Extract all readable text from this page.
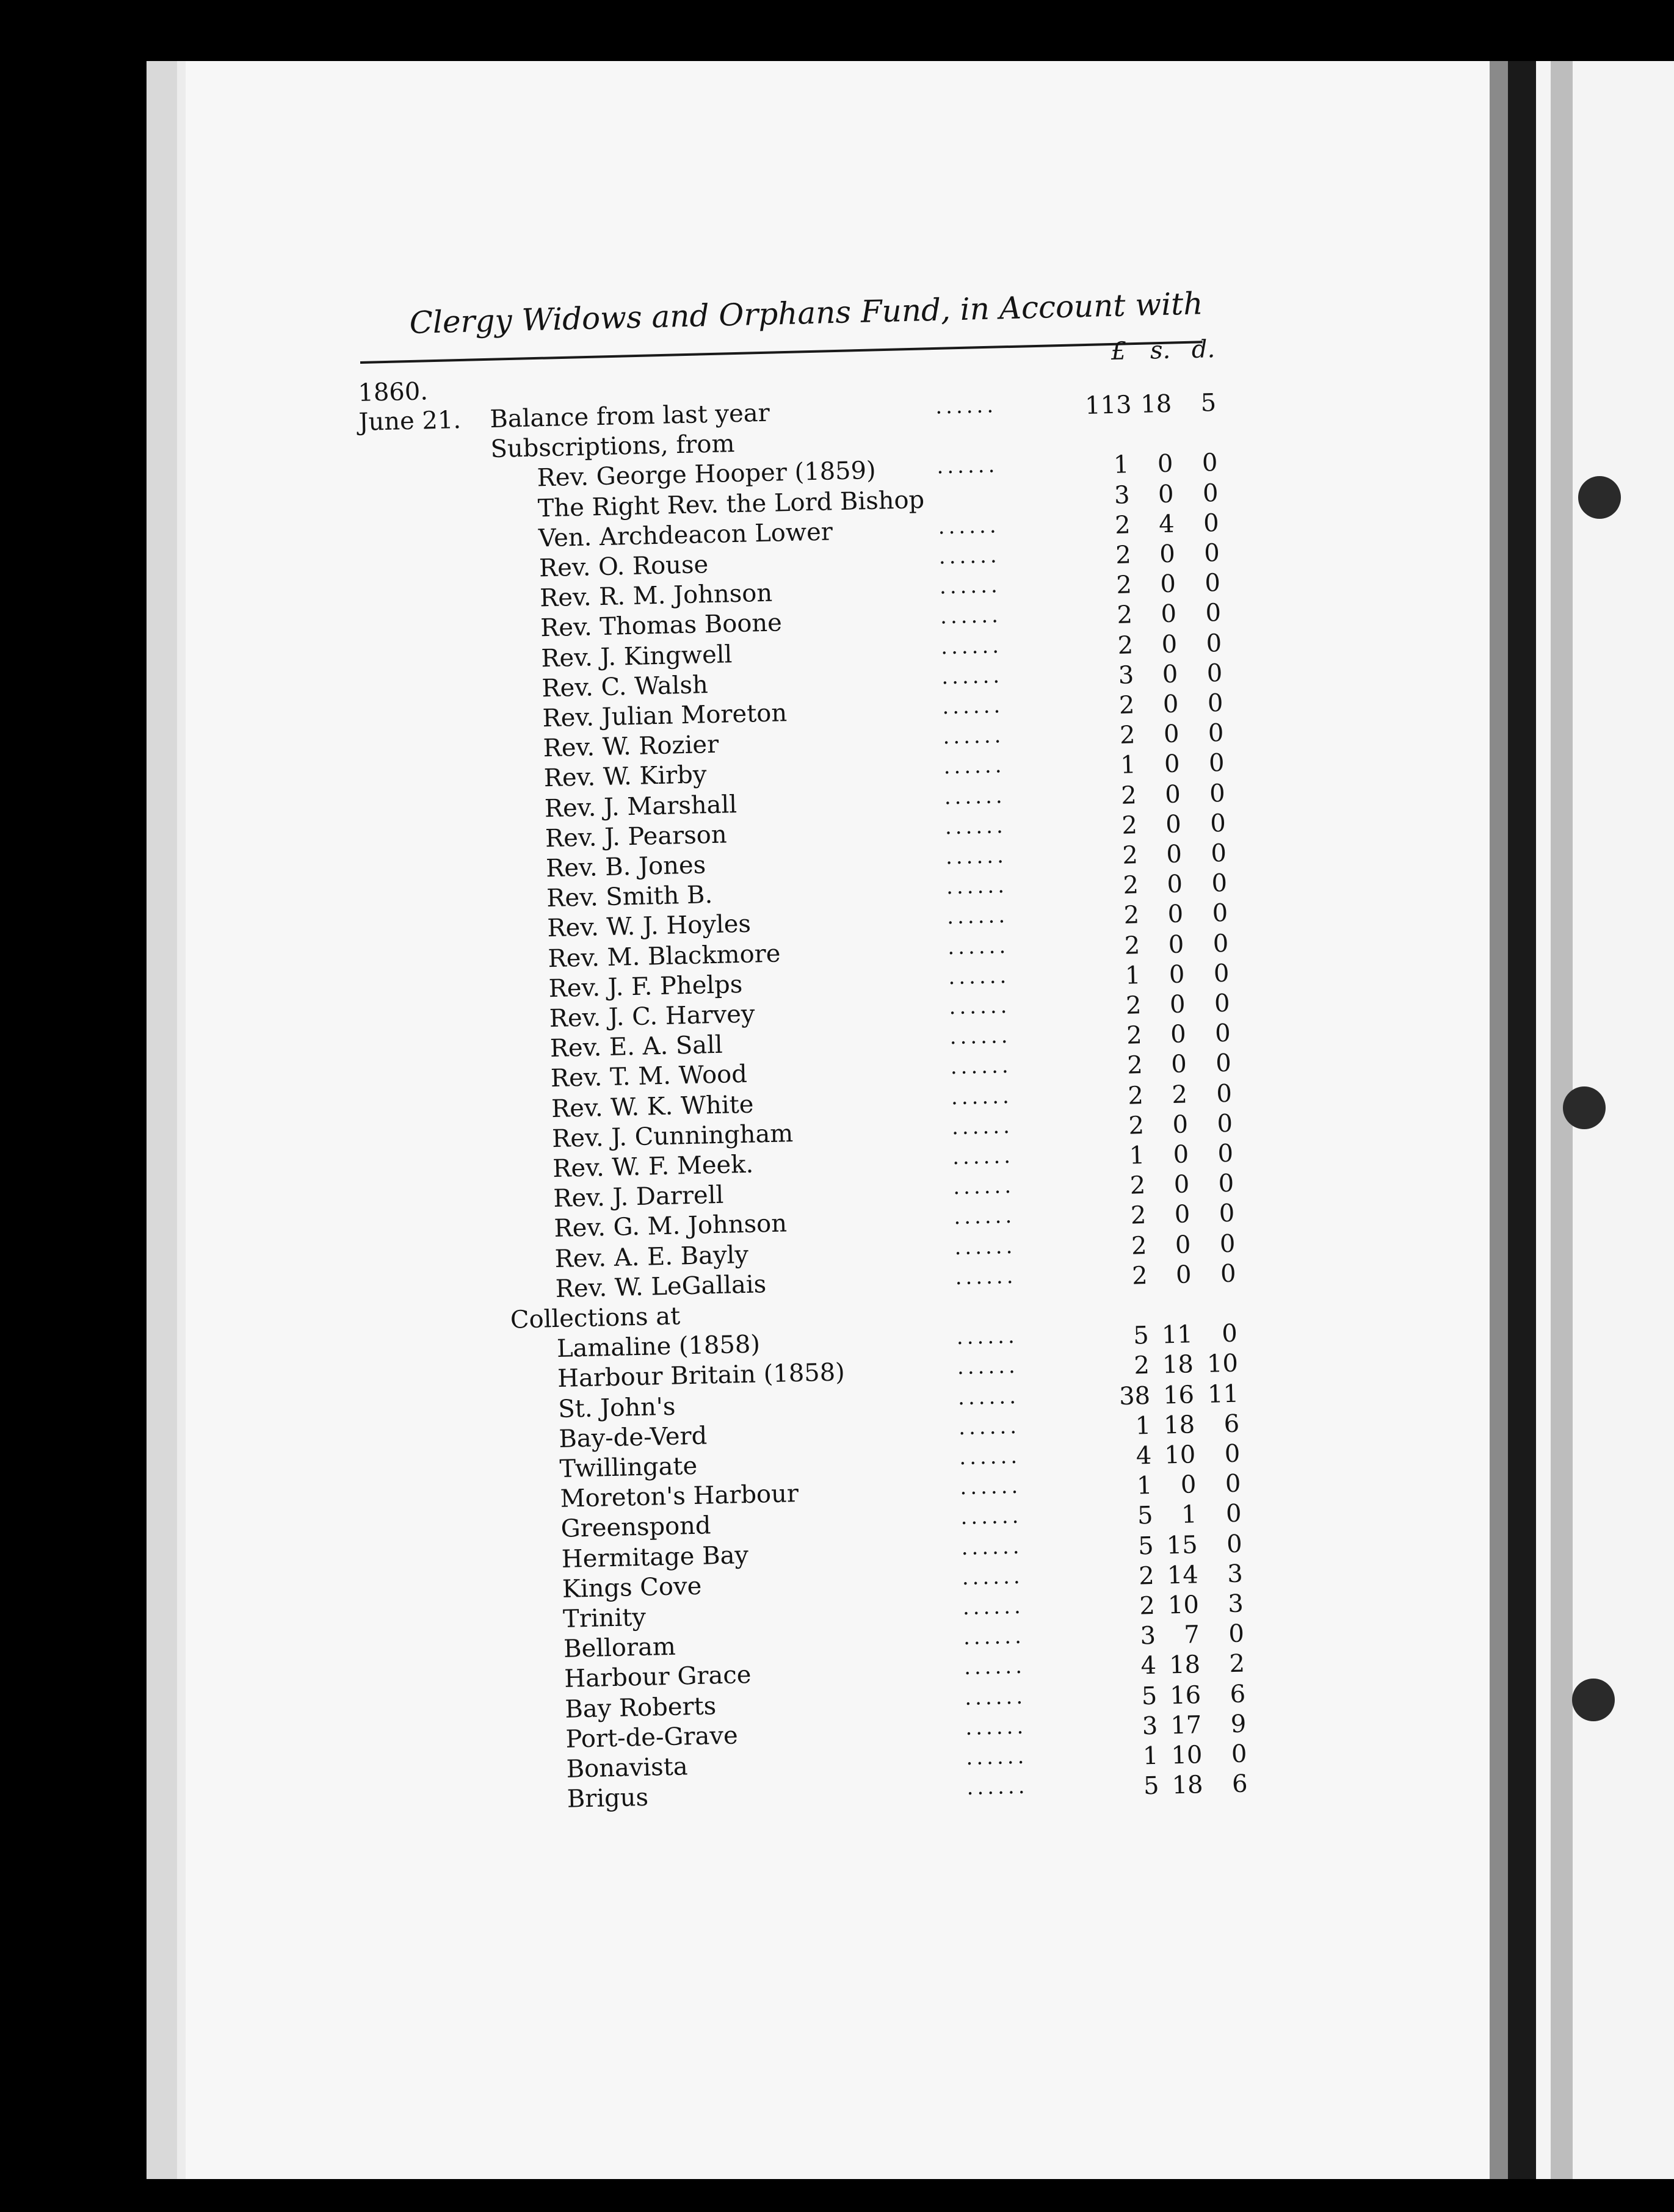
Clergy Widows and Orphans Fund, in Account with
£ s. d.
1860.
June 21. Balance from last year	......	113 18	5
Subscriptions, from
Rev. George Hooper (1859)	......	1	0	0
The Right Rev. the Lord Bishop	3	0	0
Ven. Archdeacon Lower	......	2	4	0
Rev. O. Rouse	......	2	0	0
Rev. R. M. Johnson	......	2	0	0
Rev. Thomas Boone	......	2	0	0
Rev. J. Kingwell	......	2	0	0
Rev. C. Walsh	......	3	0	0
Rev. Julian Moreton	......	2	0	0
Rev. W. Rozier	......	2	0	0
Rev. W. Kirby	......	1	0	0
Rev. J. Marshall	......	2	0	0
Rev. J. Pearson	......	2	0	0
Rev. B. Jones	......	2	0	0
Rev. Smith B.	......	2	0	0
Rev. W. J. Hoyles	......	2	0	0
Rev. M. Blackmore	......	2	0	0
Rev. J. F. Phelps	......	1	0	0
Rev. J. C. Harvey	......	2	0	0
Rev. E. A. Sall	......	2	0	0
Rev. T. M. Wood	......	2	0	0
Rev. W. K. White	......	2	2	0
Rev. J. Cunningham	......	2	0	0
Rev. W. F. Meek.	......	1	0	0
Rev. J. Darrell	......	2	0	0
Rev. G. M. Johnson	......	2	0	0
Rev. A. E. Bayly	......	2	0	0
Rev. W. LeGallais	......	2	0	0
Collections at
Lamaline (1858)	......	5 11	0
Harbour Britain (1858)	......	2 18 10
St. John's	......	38 16 11
Bay-de-Verd	......	1 18	6
Twillingate	......	4 10	0
Moreton's Harbour	......	1	0	0
Greenspond	......	5	1	0
Hermitage Bay	......	5 15	0
Kings Cove	......	2 14	3
Trinity	......	2 10	3
Belloram	......	3	7	0
Harbour Grace	......	4 18	2
Bay Roberts	......	5 16	6
Port-de-Grave	......	3 17	9
Bonavista	......	1 10	0
Brigus	......	5 18	6
